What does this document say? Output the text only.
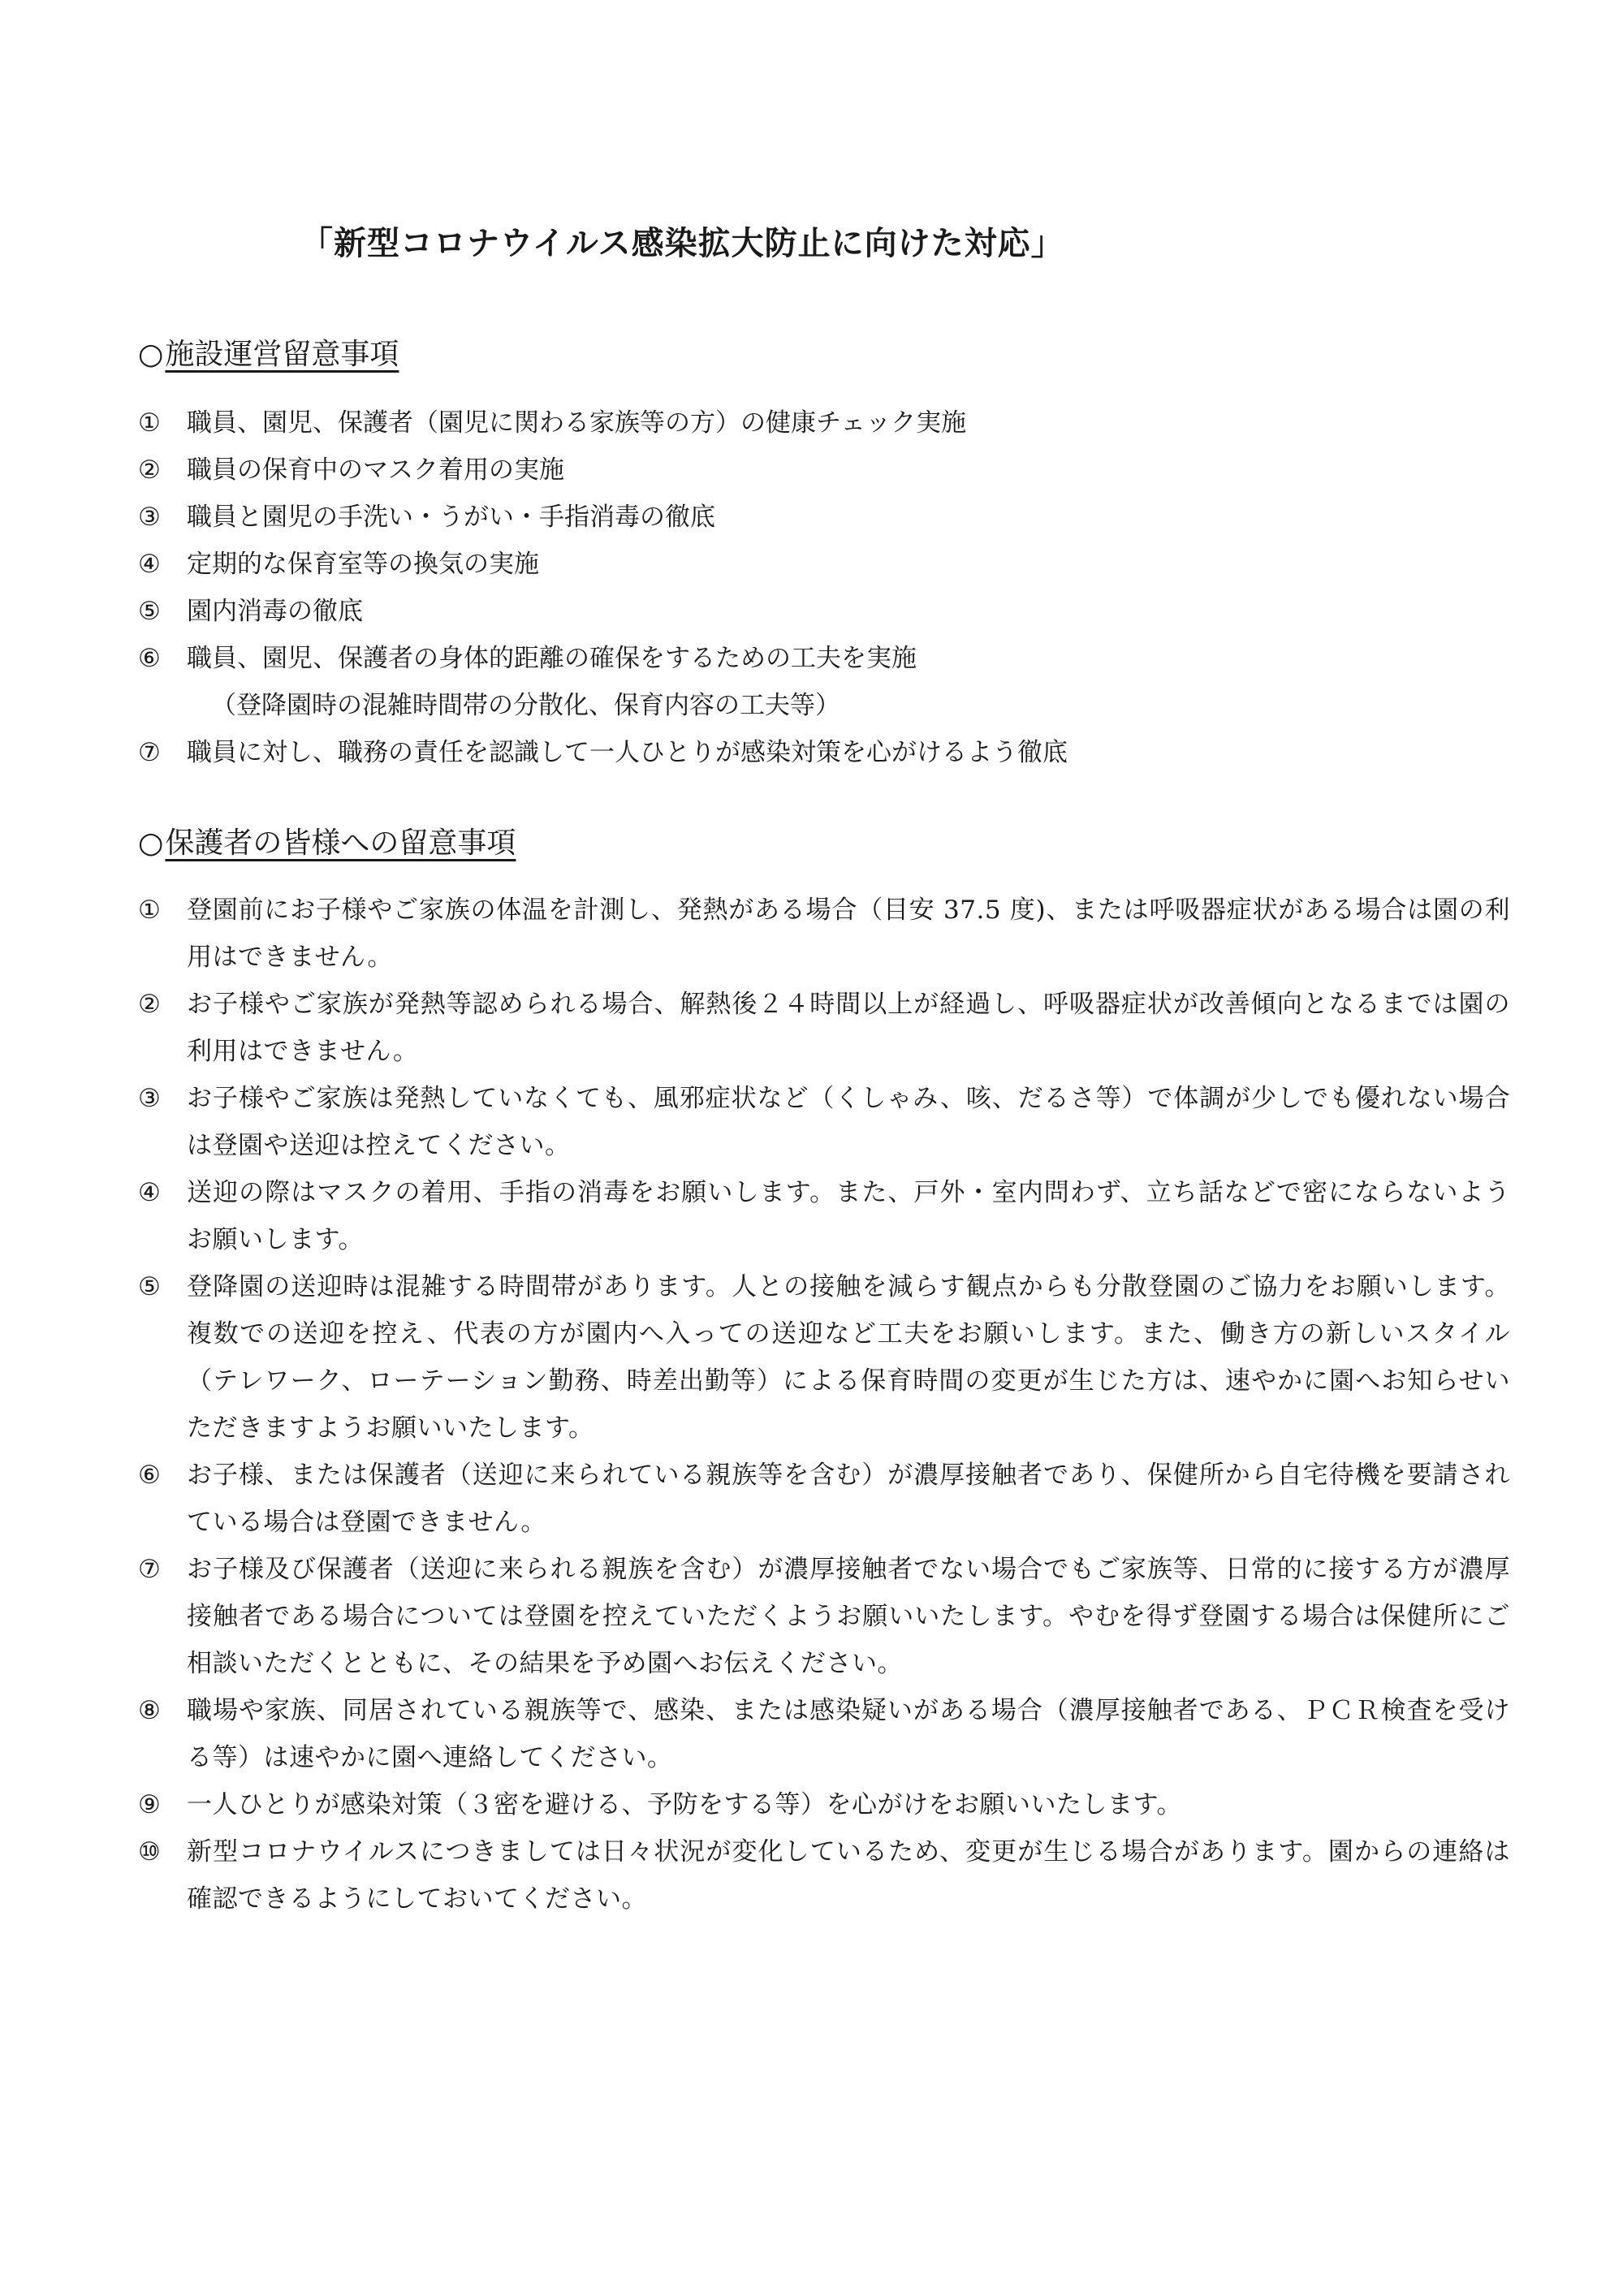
「新型コロナウイルス感染拡大防止に向けた対応」
○施設運営留意事項
①	職員、園児、保護者（園児に関わる家族等の方）の健康チェック実施
②	職員の保育中のマスク着用の実施
③	職員と園児の手洗い・うがい・手指消毒の徹底
④	定期的な保育室等の換気の実施
⑤	園内消毒の徹底
⑥	職員、園児、保護者の身体的距離の確保をするための工夫を実施
（登降園時の混雑時間帯の分散化、保育内容の工夫等）
⑦	職員に対し、職務の責任を認識して一人ひとりが感染対策を心がけるよう徹底
○保護者の皆様への留意事項
①	登園前にお子様やご家族の体温を計測し、発熱がある場合（目安 37.5 度)、または呼吸器症状がある場合は園の利用はできません。
②	お子様やご家族が発熱等認められる場合、解熱後２４時間以上が経過し、呼吸器症状が改善傾向となるまでは園の利用はできません。
③	お子様やご家族は発熱していなくても、風邪症状など（くしゃみ、咳、だるさ等）で体調が少しでも優れない場合は登園や送迎は控えてください。
④	送迎の際はマスクの着用、手指の消毒をお願いします。また、戸外・室内問わず、立ち話などで密にならないようお願いします。
⑤	登降園の送迎時は混雑する時間帯があります。人との接触を減らす観点からも分散登園のご協力をお願いします。複数での送迎を控え、代表の方が園内へ入っての送迎など工夫をお願いします。また、働き方の新しいスタイル（テレワーク、ローテーション勤務、時差出勤等）による保育時間の変更が生じた方は、速やかに園へお知らせいただきますようお願いいたします。
⑥	お子様、または保護者（送迎に来られている親族等を含む）が濃厚接触者であり、保健所から自宅待機を要請されている場合は登園できません。
⑦	お子様及び保護者（送迎に来られる親族を含む）が濃厚接触者でない場合でもご家族等、日常的に接する方が濃厚接触者である場合については登園を控えていただくようお願いいたします。やむを得ず登園する場合は保健所にご相談いただくとともに、その結果を予め園へお伝えください。
⑧	職場や家族、同居されている親族等で、感染、または感染疑いがある場合（濃厚接触者である、ＰＣＲ検査を受ける等）は速やかに園へ連絡してください。
⑨	一人ひとりが感染対策（３密を避ける、予防をする等）を心がけをお願いいたします。
⑩	新型コロナウイルスにつきましては日々状況が変化しているため、変更が生じる場合があります。園からの連絡は確認できるようにしておいてください。
